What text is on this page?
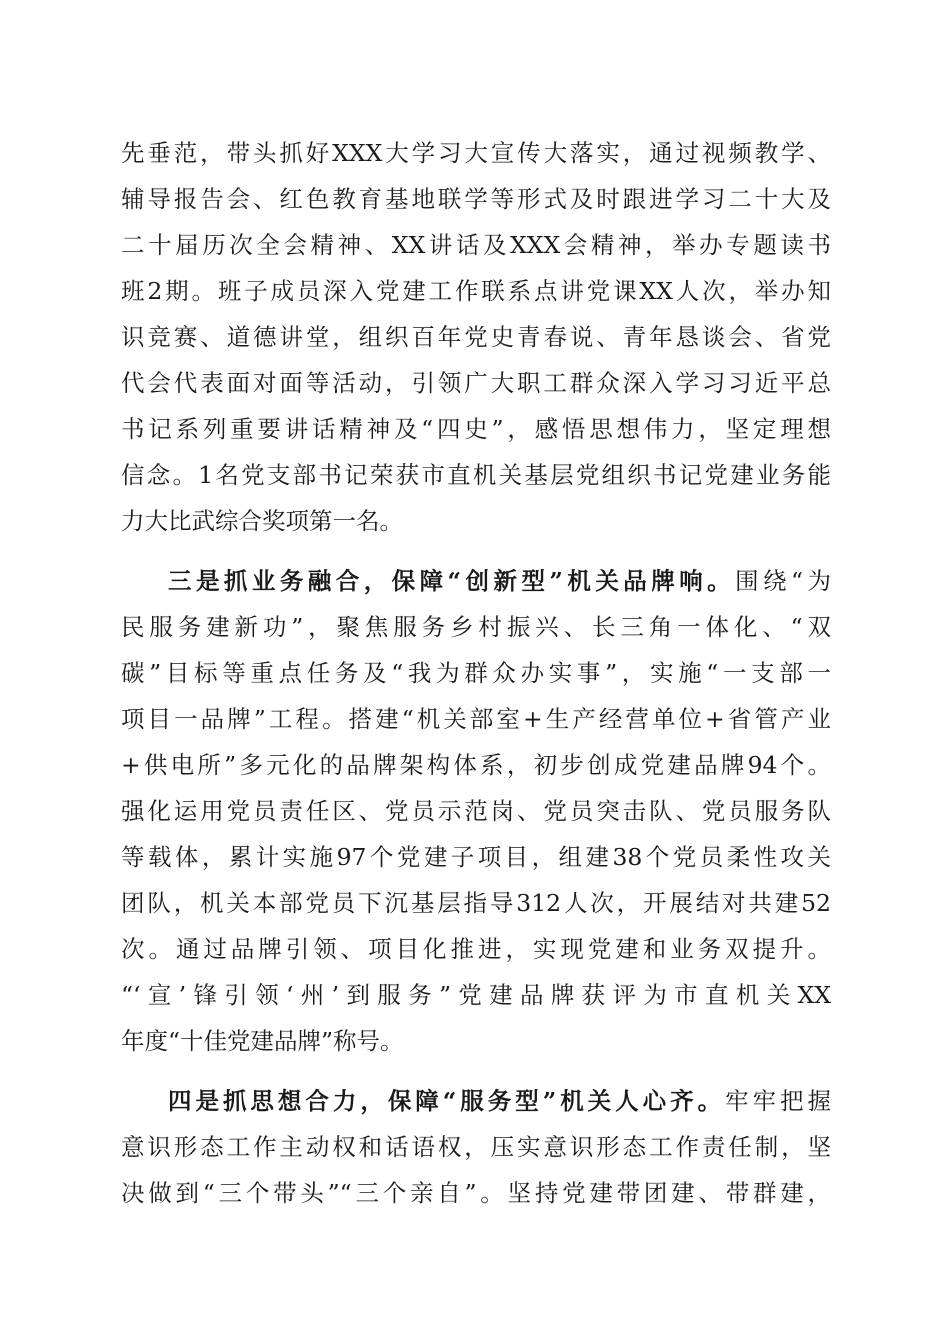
先垂范，带头抓好XXX大学习大宣传大落实，通过视频教学、
辅导报告会、红色教育基地联学等形式及时跟进学习二十大及
二十届历次全会精神、XX讲话及XXX会精神，举办专题读书
班2期。班子成员深入党建工作联系点讲党课XX人次，举办知
识竞赛、道德讲堂，组织百年党史青春说、青年恳谈会、省党
代会代表面对面等活动，引领广大职工群众深入学习习近平总
书记系列重要讲话精神及“四史”，感悟思想伟力，坚定理想
信念。1名党支部书记荣获市直机关基层党组织书记党建业务能
力大比武综合奖项第一名。
三是抓业务融合，保障“创新型”机关品牌响。围绕“为
民服务建新功”，聚焦服务乡村振兴、长三角一体化、“双
碳”目标等重点任务及“我为群众办实事”，实施“一支部一
项目一品牌”工程。搭建“机关部室+生产经营单位+省管产业
+供电所”多元化的品牌架构体系，初步创成党建品牌94个。
强化运用党员责任区、党员示范岗、党员突击队、党员服务队
等载体，累计实施97个党建子项目，组建38个党员柔性攻关
团队，机关本部党员下沉基层指导312人次，开展结对共建52
次。通过品牌引领、项目化推进，实现党建和业务双提升。
“‘宣’锋引领‘州’到服务”党建品牌获评为市直机关XX
年度“十佳党建品牌”称号。
四是抓思想合力，保障“服务型”机关人心齐。牢牢把握
意识形态工作主动权和话语权，压实意识形态工作责任制，坚
决做到“三个带头”“三个亲自”。坚持党建带团建、带群建，
